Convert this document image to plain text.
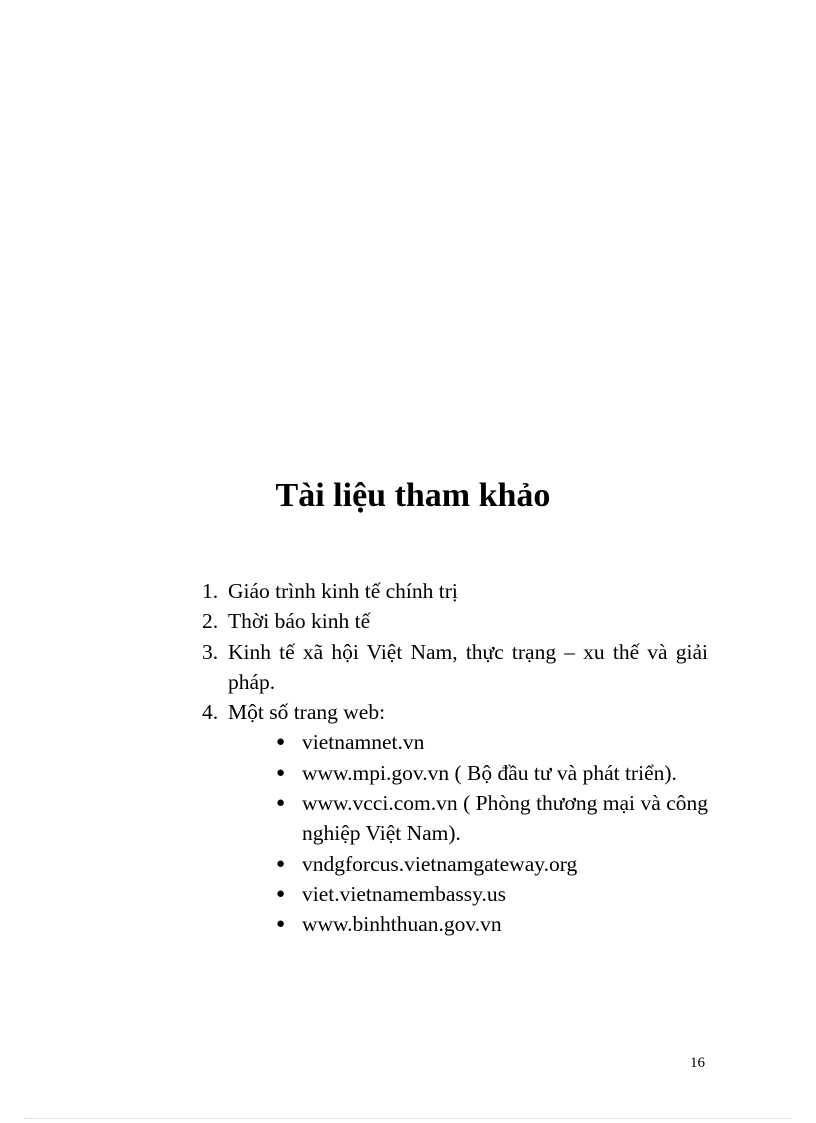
Tài liệu tham khảo
1. Giáo trình kinh tế chính trị
2. Thời báo kinh tế
3. Kinh tế xã hội Việt Nam, thực trạng – xu thế và giải pháp.
4. Một số trang web:
● vietnamnet.vn
● www.mpi.gov.vn ( Bộ đầu tư và phát triển).
● www.vcci.com.vn ( Phòng thương mại và công nghiệp Việt Nam).
● vndgforcus.vietnamgateway.org
● viet.vietnamembassy.us
● www.binhthuan.gov.vn
16
